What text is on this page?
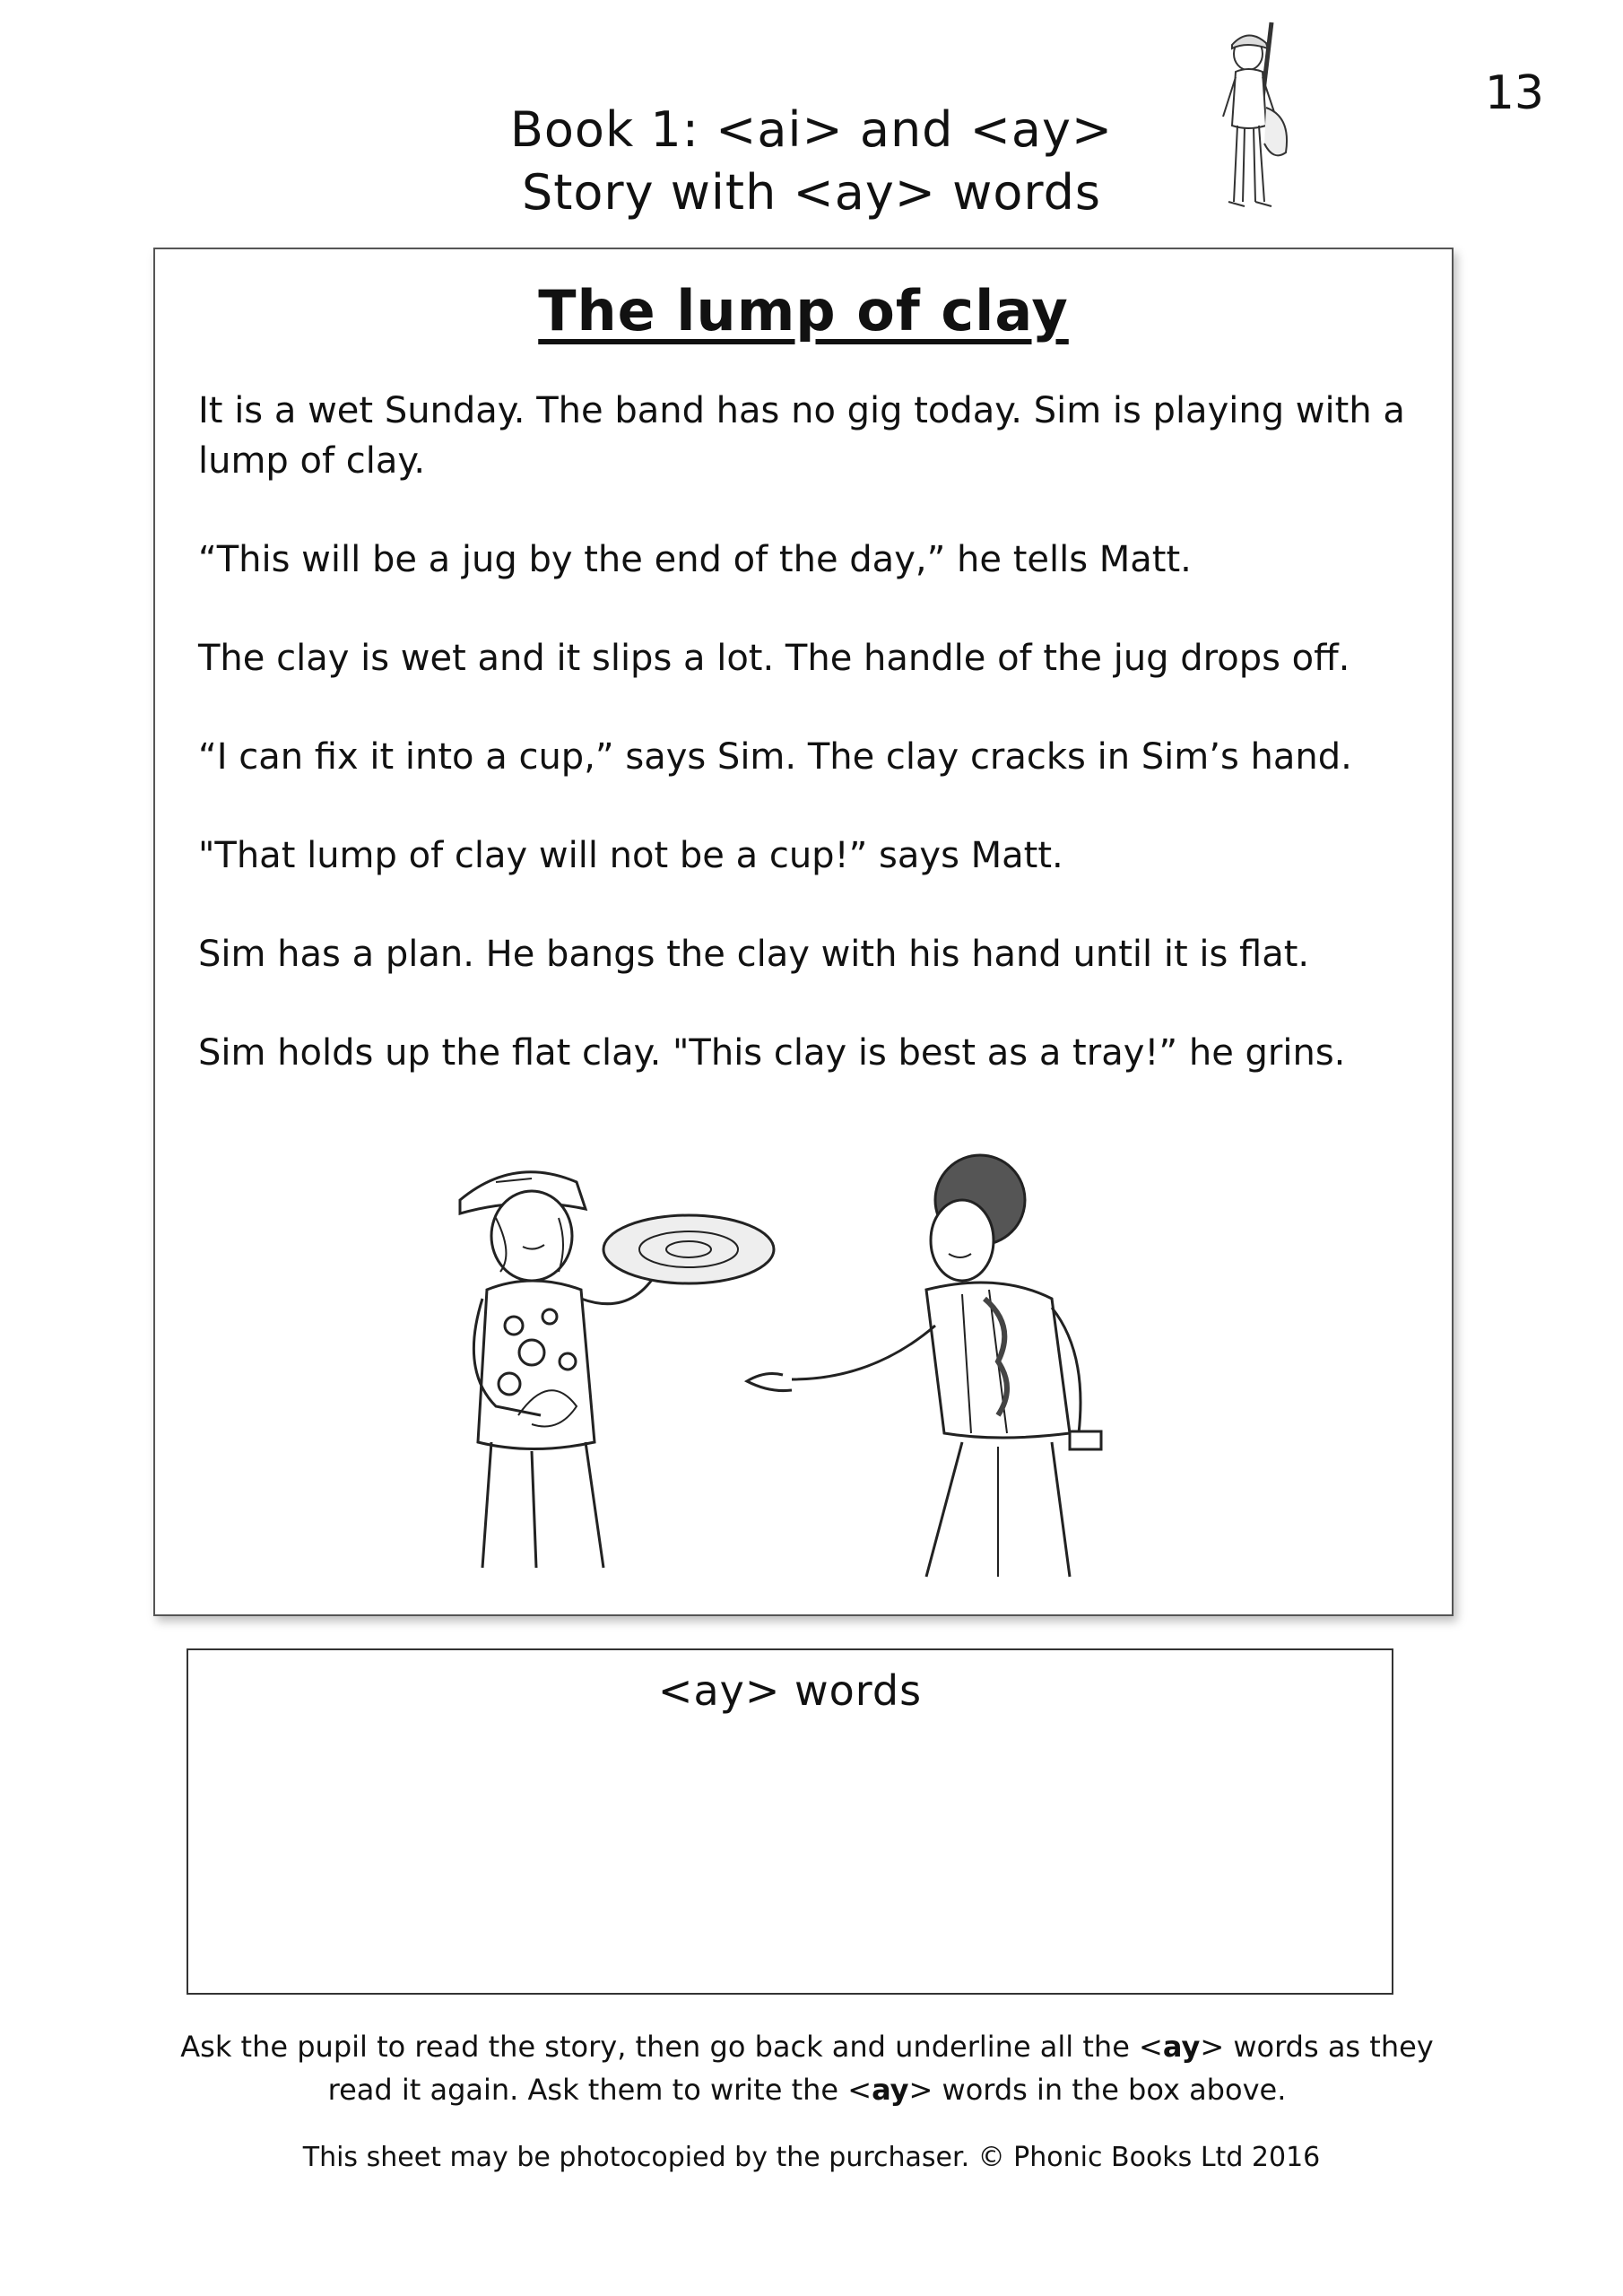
13
Book 1: <ai> and <ay>
Story with <ay> words
The lump of clay

It is a wet Sunday. The band has no gig today. Sim is playing with a lump of clay.

“This will be a jug by the end of the day,” he tells Matt.

The clay is wet and it slips a lot. The handle of the jug drops off.

“I can fix it into a cup,” says Sim. The clay cracks in Sim’s hand.

"That lump of clay will not be a cup!” says Matt.

Sim has a plan. He bangs the clay with his hand until it is flat.

Sim holds up the flat clay. "This clay is best as a tray!” he grins.

<ay> words
Ask the pupil to read the story, then go back and underline all the <ay> words as they read it again. Ask them to write the <ay> words in the box above.
This sheet may be photocopied by the purchaser. © Phonic Books Ltd 2016
